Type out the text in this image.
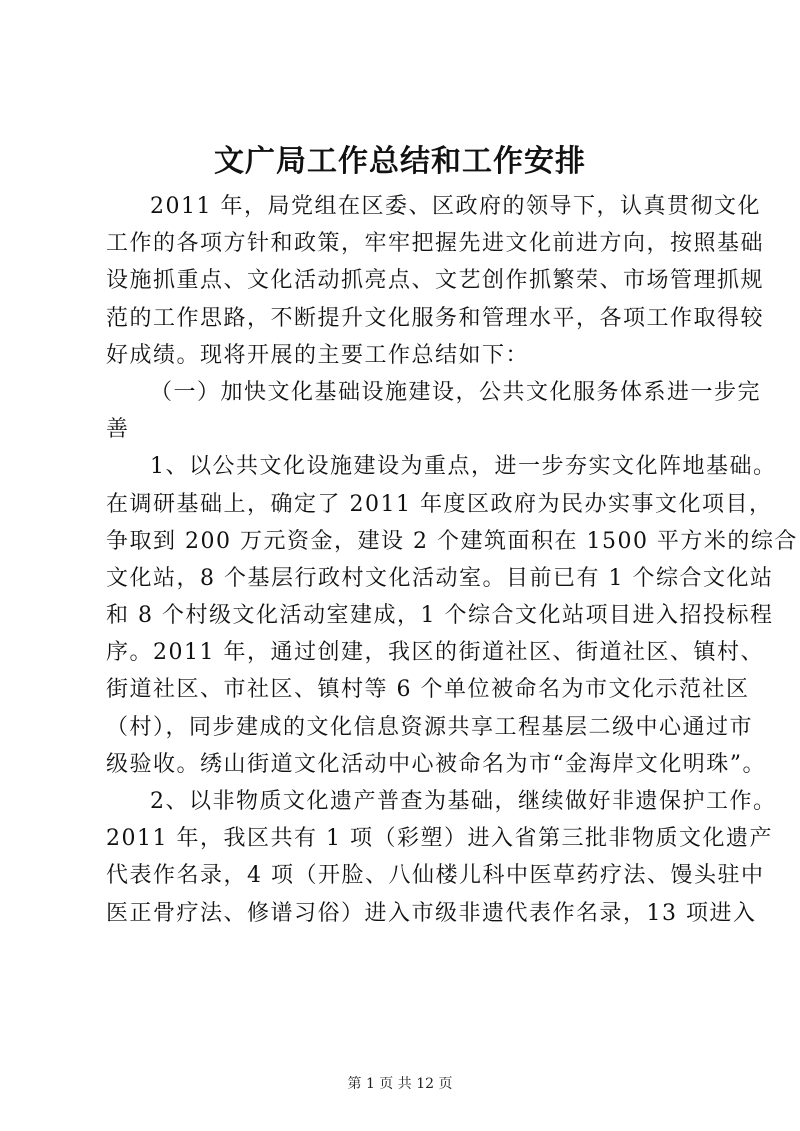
文广局工作总结和工作安排
2011 年，局党组在区委、区政府的领导下，认真贯彻文化
工作的各项方针和政策，牢牢把握先进文化前进方向，按照基础
设施抓重点、文化活动抓亮点、文艺创作抓繁荣、市场管理抓规
范的工作思路，不断提升文化服务和管理水平，各项工作取得较
好成绩。现将开展的主要工作总结如下：
（一）加快文化基础设施建设，公共文化服务体系进一步完
善
1、以公共文化设施建设为重点，进一步夯实文化阵地基础。
在调研基础上，确定了 2011 年度区政府为民办实事文化项目，
争取到 200 万元资金，建设 2 个建筑面积在 1500 平方米的综合
文化站，8 个基层行政村文化活动室。目前已有 1 个综合文化站
和 8 个村级文化活动室建成，1 个综合文化站项目进入招投标程
序。2011 年，通过创建，我区的街道社区、街道社区、镇村、
街道社区、市社区、镇村等 6 个单位被命名为市文化示范社区
（村），同步建成的文化信息资源共享工程基层二级中心通过市
级验收。绣山街道文化活动中心被命名为市“金海岸文化明珠”。
2、以非物质文化遗产普查为基础，继续做好非遗保护工作。
2011 年，我区共有 1 项（彩塑）进入省第三批非物质文化遗产
代表作名录，4 项（开脸、八仙楼儿科中医草药疗法、馒头驻中
医正骨疗法、修谱习俗）进入市级非遗代表作名录，13 项进入
第 1 页 共 12 页
